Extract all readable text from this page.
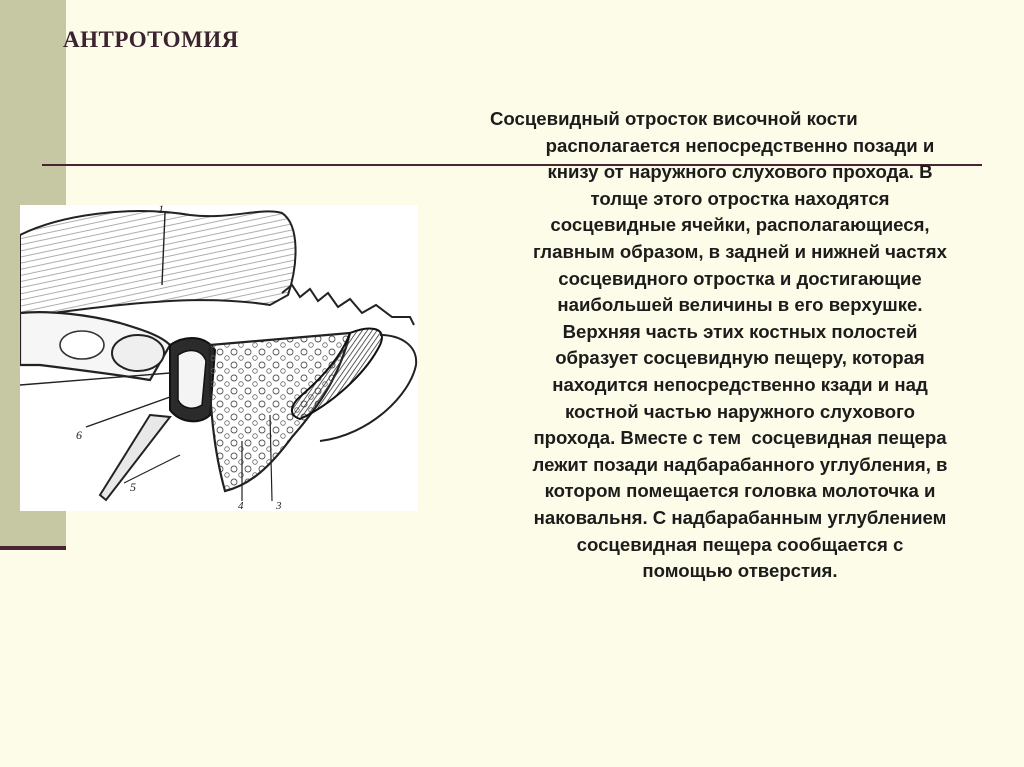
АНТРОТОМИЯ
1
6
5
4	3

Сосцевидный отросток височной кости
располагается непосредственно позади и
книзу от наружного слухового прохода. В
толще этого отростка находятся
сосцевидные ячейки, располагающиеся,
главным образом, в задней и нижней частях
сосцевидного отростка и достигающие
наибольшей величины в его верхушке.
Верхняя часть этих костных полостей
образует сосцевидную пещеру, которая
находится непосредственно кзади и над
костной частью наружного слухового
прохода. Вместе с тем  сосцевидная пещера
лежит позади надбарабанного углубления, в
котором помещается головка молоточка и
наковальня. С надбарабанным углублением
сосцевидная пещера сообщается с
помощью отверстия.
